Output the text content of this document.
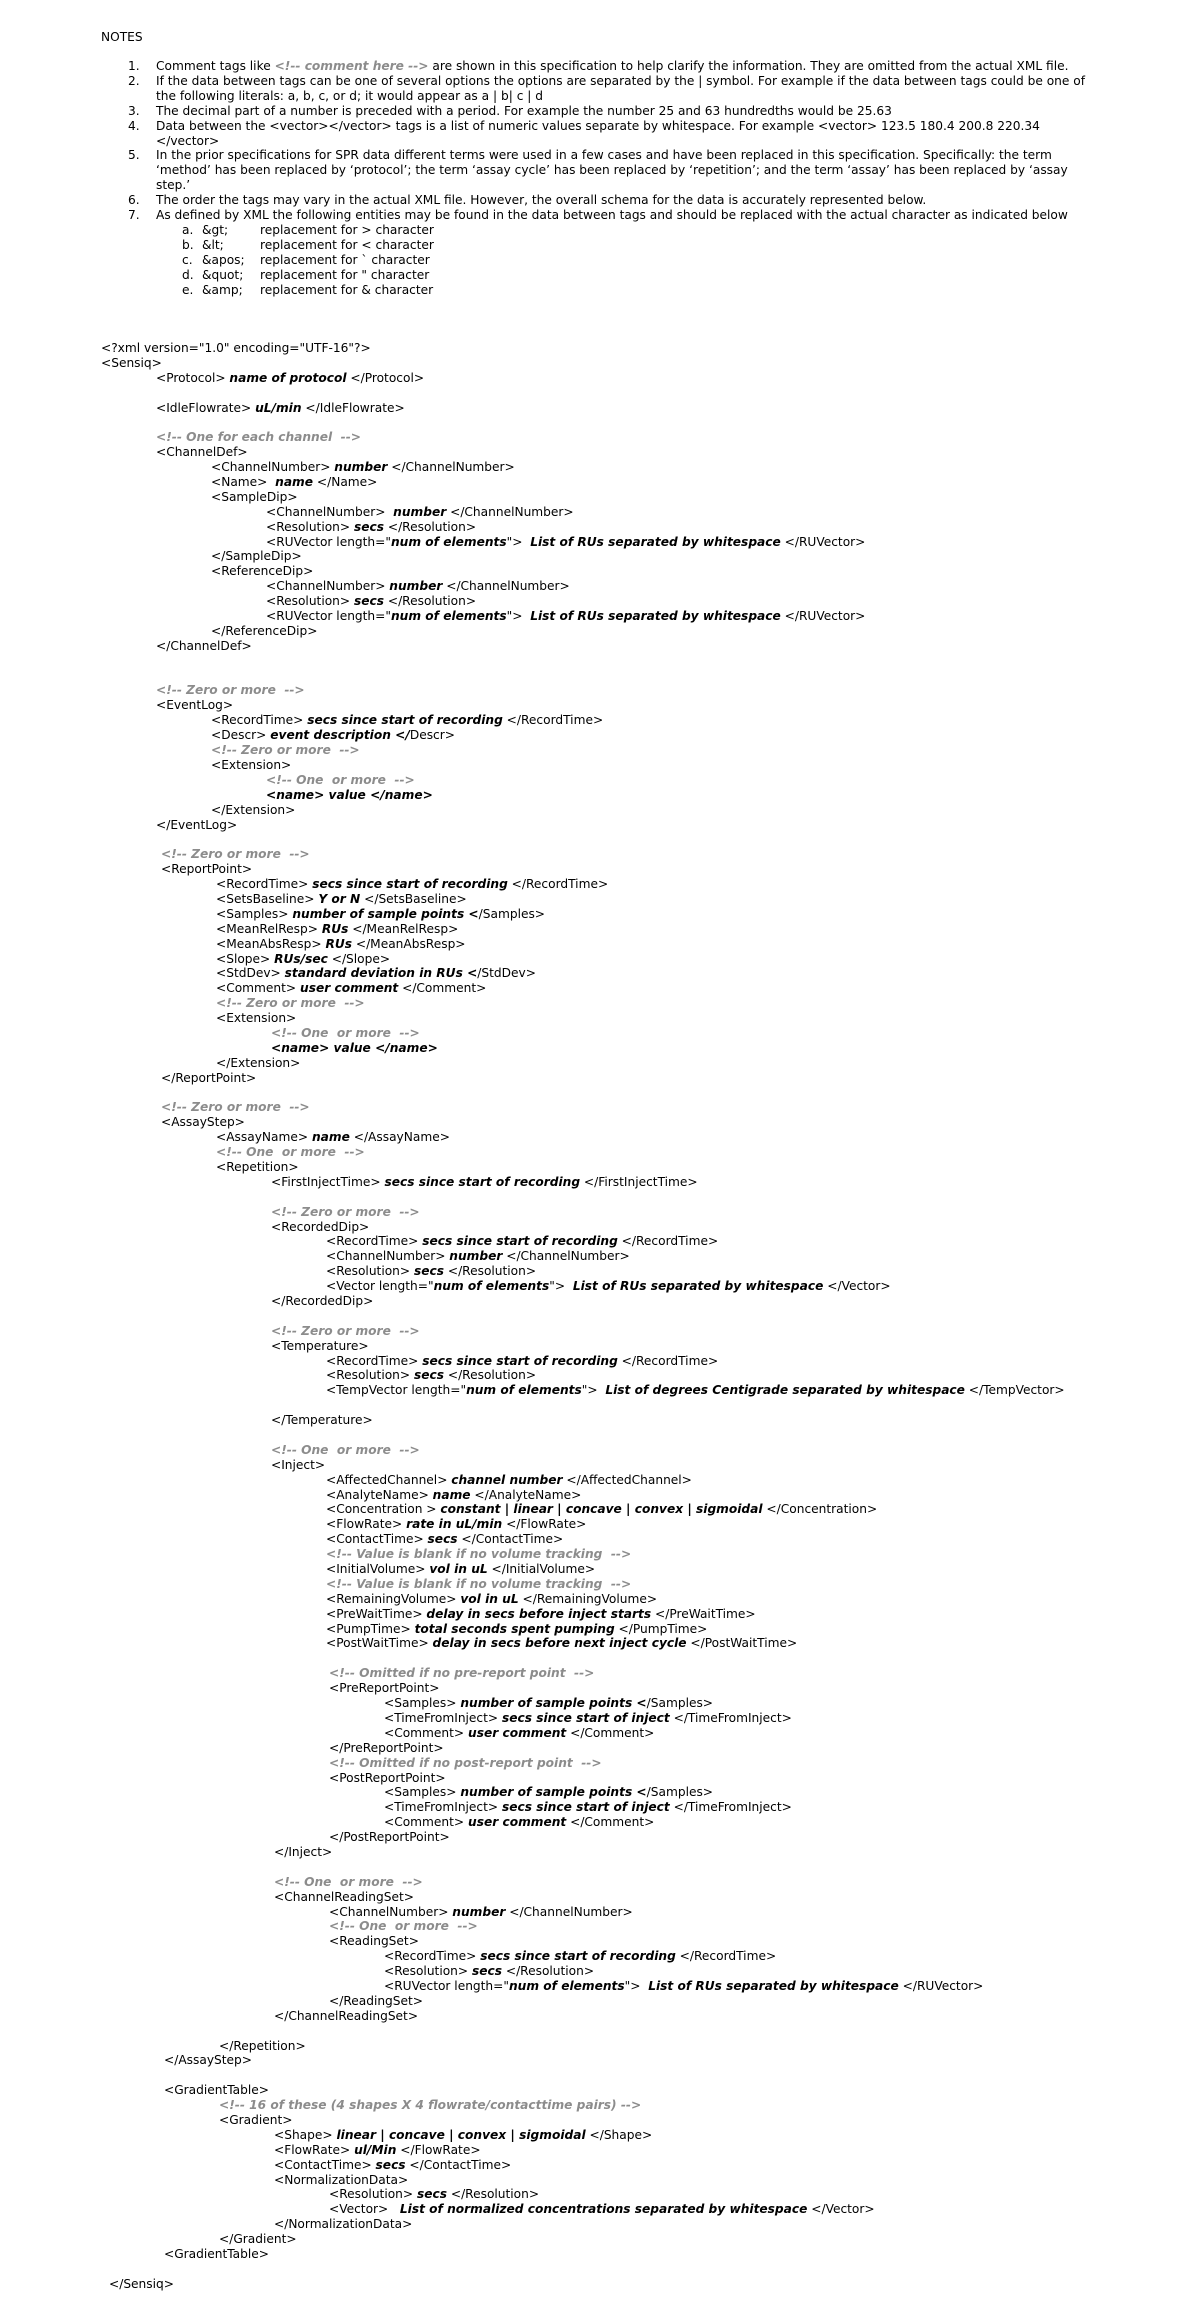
NOTES
1. Comment tags like <!-- comment here --> are shown in this specification to help clarify the information. They are omitted from the actual XML file.
2. If the data between tags can be one of several options the options are separated by the | symbol. For example if the data between tags could be one of the following literals: a, b, c, or d; it would appear as a | b| c | d
3. The decimal part of a number is preceded with a period. For example the number 25 and 63 hundredths would be 25.63
4. Data between the <vector></vector> tags is a list of numeric values separate by whitespace. For example <vector> 123.5 180.4 200.8 220.34 </vector>
5. In the prior specifications for SPR data different terms were used in a few cases and have been replaced in this specification. Specifically: the term ‘method’ has been replaced by ‘protocol’; the term ‘assay cycle’ has been replaced by ‘repetition’; and the term ‘assay’ has been replaced by ‘assay step.’
6. The order the tags may vary in the actual XML file. However, the overall schema for the data is accurately represented below.
7. As defined by XML the following entities may be found in the data between tags and should be replaced with the actual character as indicated below
a. &gt;	replacement for > character
b. &lt;	replacement for < character
c. &apos; replacement for ` character
d. &quot; replacement for " character
e. &amp; replacement for & character
<?xml version="1.0" encoding="UTF-16"?>
<Sensiq>
<Protocol> name of protocol </Protocol>
<IdleFlowrate> uL/min </IdleFlowrate>
<!-- One for each channel  -->
<ChannelDef>
<ChannelNumber> number </ChannelNumber>
<Name>  name </Name>
<SampleDip>
<ChannelNumber>  number </ChannelNumber>
<Resolution> secs </Resolution>
<RUVector length="num of elements">  List of RUs separated by whitespace </RUVector>
</SampleDip>
<ReferenceDip>
<ChannelNumber> number </ChannelNumber>
<Resolution> secs </Resolution>
<RUVector length="num of elements">  List of RUs separated by whitespace </RUVector>
</ReferenceDip>
</ChannelDef>
<!-- Zero or more  -->
<EventLog>
<RecordTime> secs since start of recording </RecordTime>
<Descr> event description </Descr>
<!-- Zero or more  -->
<Extension>
<!-- One  or more  -->
<name> value </name>
</Extension>
</EventLog>
<!-- Zero or more  -->
<ReportPoint>
<RecordTime> secs since start of recording </RecordTime>
<SetsBaseline> Y or N </SetsBaseline>
<Samples> number of sample points </Samples>
<MeanRelResp> RUs </MeanRelResp>
<MeanAbsResp> RUs </MeanAbsResp>
<Slope> RUs/sec </Slope>
<StdDev> standard deviation in RUs </StdDev>
<Comment> user comment </Comment>
<!-- Zero or more  -->
<Extension>
<!-- One  or more  -->
<name> value </name>
</Extension>
</ReportPoint>
<!-- Zero or more  -->
<AssayStep>
<AssayName> name </AssayName>
<!-- One  or more  -->
<Repetition>
<FirstInjectTime> secs since start of recording </FirstInjectTime>
<!-- Zero or more  -->
<RecordedDip>
<RecordTime> secs since start of recording </RecordTime>
<ChannelNumber> number </ChannelNumber>
<Resolution> secs </Resolution>
<Vector length="num of elements">  List of RUs separated by whitespace </Vector>
</RecordedDip>
<!-- Zero or more  -->
<Temperature>
<RecordTime> secs since start of recording </RecordTime>
<Resolution> secs </Resolution>
<TempVector length="num of elements">  List of degrees Centigrade separated by whitespace </TempVector>
</Temperature>
<!-- One  or more  -->
<Inject>
<AffectedChannel> channel number </AffectedChannel>
<AnalyteName> name </AnalyteName>
<Concentration > constant | linear | concave | convex | sigmoidal </Concentration>
<FlowRate> rate in uL/min </FlowRate>
<ContactTime> secs </ContactTime>
<!-- Value is blank if no volume tracking  -->
<InitialVolume> vol in uL </InitialVolume>
<!-- Value is blank if no volume tracking  -->
<RemainingVolume> vol in uL </RemainingVolume>
<PreWaitTime> delay in secs before inject starts </PreWaitTime>
<PumpTime> total seconds spent pumping </PumpTime>
<PostWaitTime> delay in secs before next inject cycle </PostWaitTime>
<!-- Omitted if no pre-report point  -->
<PreReportPoint>
<Samples> number of sample points </Samples>
<TimeFromInject> secs since start of inject </TimeFromInject>
<Comment> user comment </Comment>
</PreReportPoint>
<!-- Omitted if no post-report point  -->
<PostReportPoint>
<Samples> number of sample points </Samples>
<TimeFromInject> secs since start of inject </TimeFromInject>
<Comment> user comment </Comment>
</PostReportPoint>
</Inject>
<!-- One  or more  -->
<ChannelReadingSet>
<ChannelNumber> number </ChannelNumber>
<!-- One  or more  -->
<ReadingSet>
<RecordTime> secs since start of recording </RecordTime>
<Resolution> secs </Resolution>
<RUVector length="num of elements">  List of RUs separated by whitespace </RUVector>
</ReadingSet>
</ChannelReadingSet>
</Repetition>
</AssayStep>
<GradientTable>
<!-- 16 of these (4 shapes X 4 flowrate/contacttime pairs) -->
<Gradient>
<Shape> linear | concave | convex | sigmoidal </Shape>
<FlowRate> ul/Min </FlowRate>
<ContactTime> secs </ContactTime>
<NormalizationData>
<Resolution> secs </Resolution>
<Vector>   List of normalized concentrations separated by whitespace </Vector>
</NormalizationData>
</Gradient>
<GradientTable>
</Sensiq>
